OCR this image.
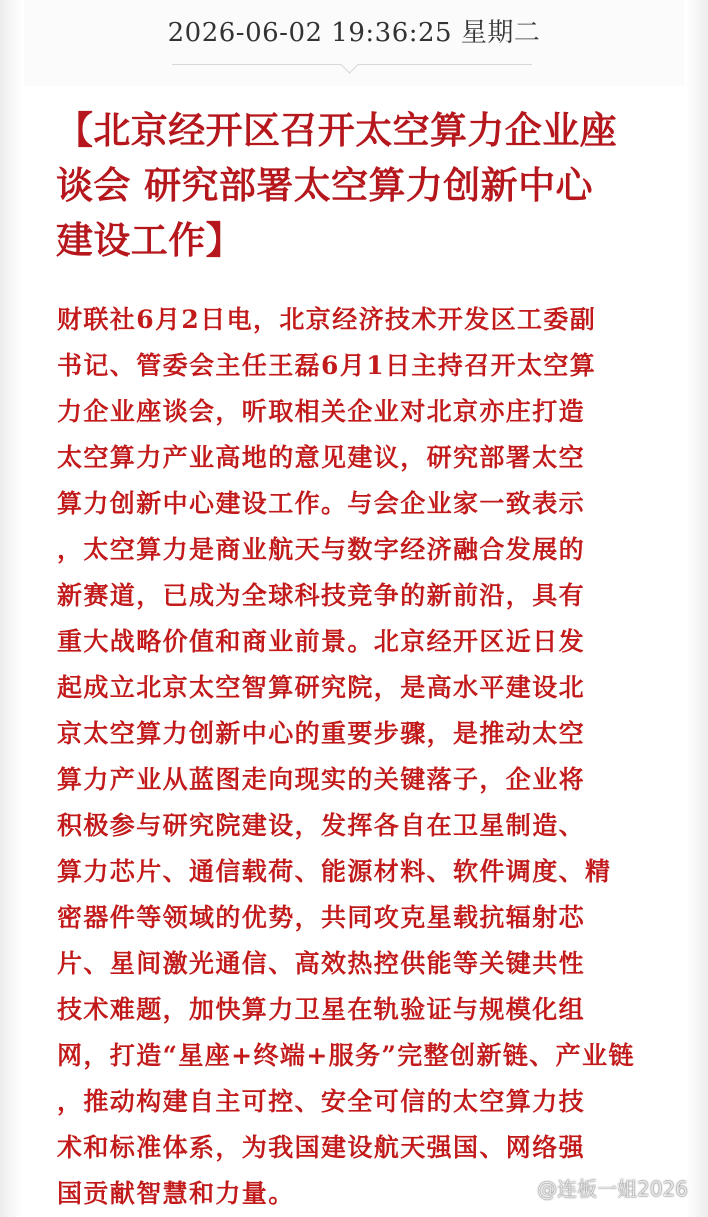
2026-06-02 19:36:25 星期二
【北京经开区召开太空算力企业座
谈会 研究部署太空算力创新中心
建设工作】
财联社6月2日电，北京经济技术开发区工委副
书记、管委会主任王磊6月1日主持召开太空算
力企业座谈会，听取相关企业对北京亦庄打造
太空算力产业高地的意见建议，研究部署太空
算力创新中心建设工作。与会企业家一致表示
，太空算力是商业航天与数字经济融合发展的
新赛道，已成为全球科技竞争的新前沿，具有
重大战略价值和商业前景。北京经开区近日发
起成立北京太空智算研究院，是高水平建设北
京太空算力创新中心的重要步骤，是推动太空
算力产业从蓝图走向现实的关键落子，企业将
积极参与研究院建设，发挥各自在卫星制造、
算力芯片、通信载荷、能源材料、软件调度、精
密器件等领域的优势，共同攻克星载抗辐射芯
片、星间激光通信、高效热控供能等关键共性
技术难题，加快算力卫星在轨验证与规模化组
网，打造“星座+终端+服务”完整创新链、产业链
，推动构建自主可控、安全可信的太空算力技
术和标准体系，为我国建设航天强国、网络强
国贡献智慧和力量。	@连板一姐2026
